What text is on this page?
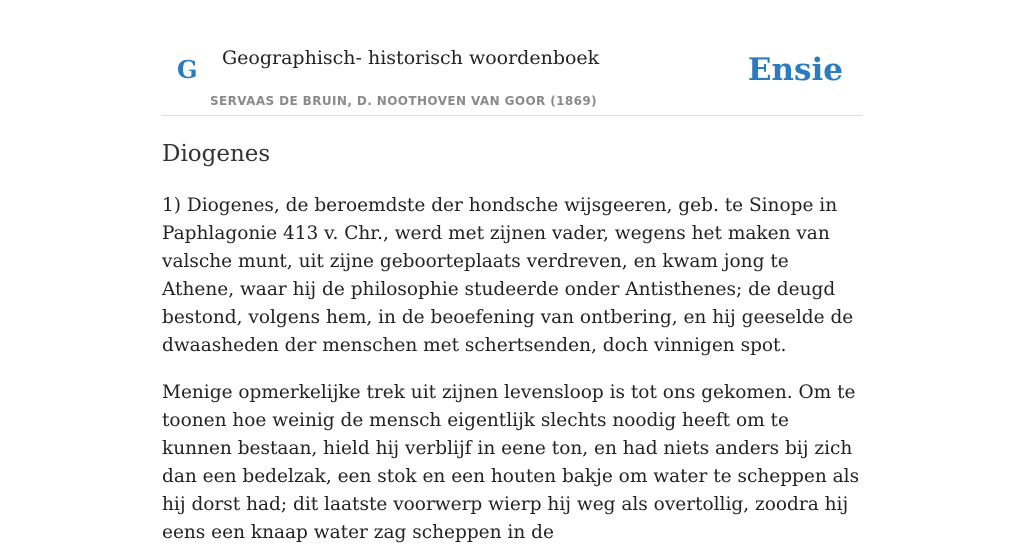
G Geographisch- historisch woordenboek
SERVAAS DE BRUIN, D. NOOTHOVEN VAN GOOR (1869)
Ensie
Diogenes

1) Diogenes, de beroemdste der hondsche wijsgeeren, geb. te Sinope in Paphlagonie 413 v. Chr., werd met zijnen vader, wegens het maken van valsche munt, uit zijne geboorteplaats verdreven, en kwam jong te Athene, waar hij de philosophie studeerde onder Antisthenes; de deugd bestond, volgens hem, in de beoefening van ontbering, en hij geeselde de dwaasheden der menschen met schertsenden, doch vinnigen spot.

Menige opmerkelijke trek uit zijnen levensloop is tot ons gekomen. Om te toonen hoe weinig de mensch eigentlijk slechts noodig heeft om te kunnen bestaan, hield hij verblijf in eene ton, en had niets anders bij zich dan een bedelzak, een stok en een houten bakje om water te scheppen als hij dorst had; dit laatste voorwerp wierp hij weg als overtollig, zoodra hij eens een knaap water zag scheppen in de
